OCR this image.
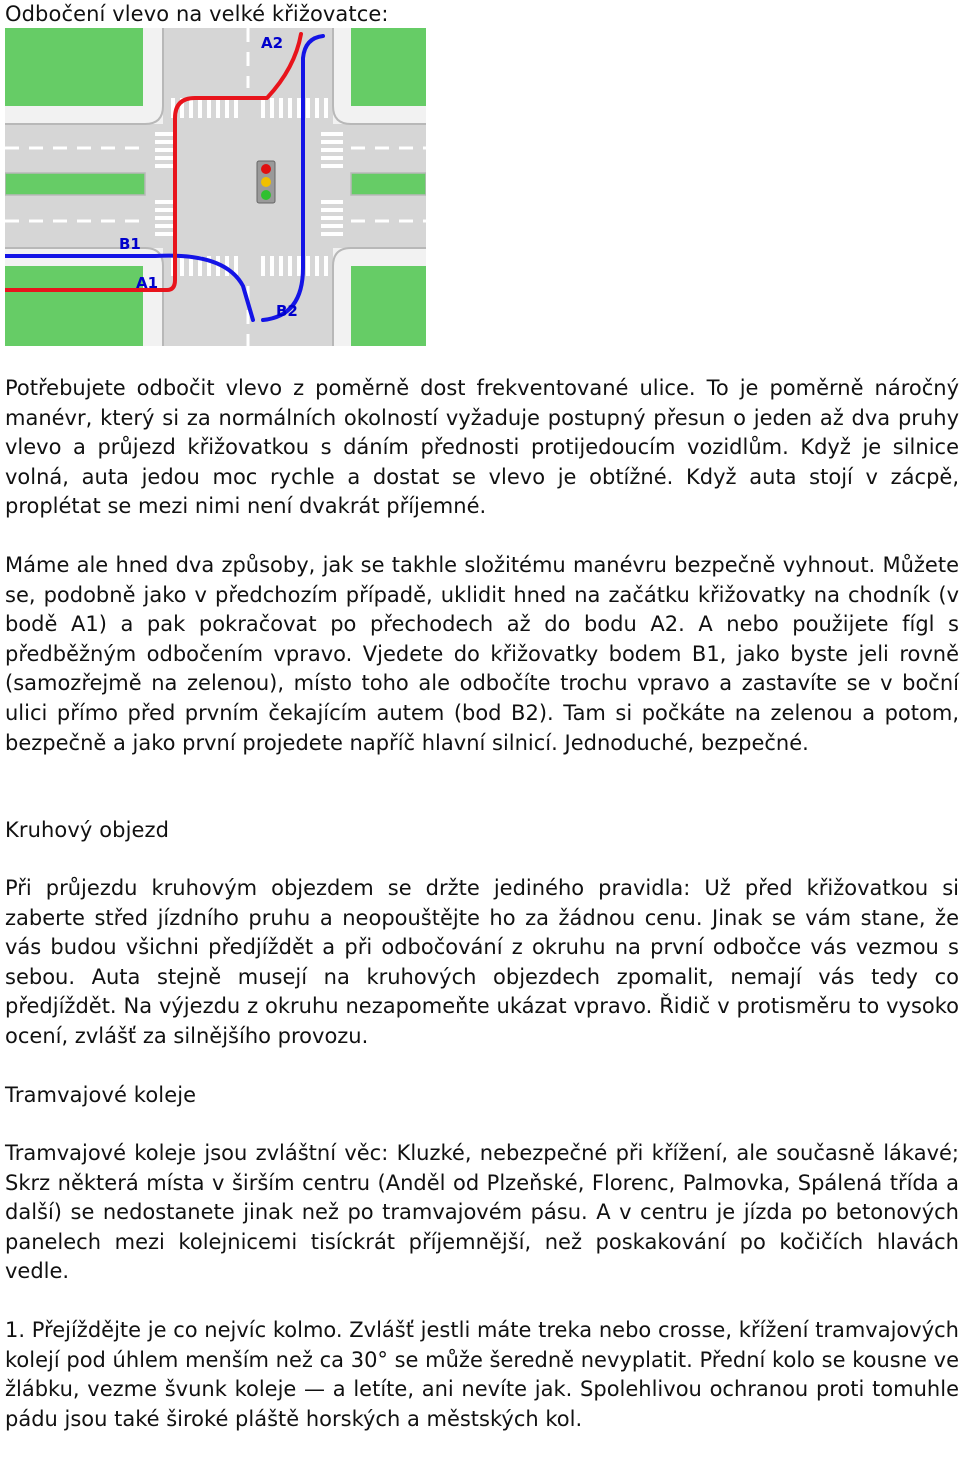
Odbočení vlevo na velké křižovatce:
A2
B1
A1
B2
Potřebujete odbočit vlevo z poměrně dost frekventované ulice. To je poměrně náročný manévr, který si za normálních okolností vyžaduje postupný přesun o jeden až dva pruhy vlevo a průjezd křižovatkou s dáním přednosti protijedoucím vozidlům. Když je silnice volná, auta jedou moc rychle a dostat se vlevo je obtížné. Když auta stojí v zácpě, proplétat se mezi nimi není dvakrát příjemné.
Máme ale hned dva způsoby, jak se takhle složitému manévru bezpečně vyhnout. Můžete se, podobně jako v předchozím případě, uklidit hned na začátku křižovatky na chodník (v bodě A1) a pak pokračovat po přechodech až do bodu A2. A nebo použijete fígl s předběžným odbočením vpravo. Vjedete do křižovatky bodem B1, jako byste jeli rovně (samozřejmě na zelenou), místo toho ale odbočíte trochu vpravo a zastavíte se v boční ulici přímo před prvním čekajícím autem (bod B2). Tam si počkáte na zelenou a potom, bezpečně a jako první projedete napříč hlavní silnicí. Jednoduché, bezpečné.
Kruhový objezd
Při průjezdu kruhovým objezdem se držte jediného pravidla: Už před křižovatkou si zaberte střed jízdního pruhu a neopouštějte ho za žádnou cenu. Jinak se vám stane, že vás budou všichni předjíždět a při odbočování z okruhu na první odbočce vás vezmou s sebou. Auta stejně musejí na kruhových objezdech zpomalit, nemají vás tedy co předjíždět. Na výjezdu z okruhu nezapomeňte ukázat vpravo. Řidič v protisměru to vysoko ocení, zvlášť za silnějšího provozu.
Tramvajové koleje
Tramvajové koleje jsou zvláštní věc: Kluzké, nebezpečné při křížení, ale současně lákavé; Skrz některá místa v širším centru (Anděl od Plzeňské, Florenc, Palmovka, Spálená třída a další) se nedostanete jinak než po tramvajovém pásu. A v centru je jízda po betonových panelech mezi kolejnicemi tisíckrát příjemnější, než poskakování po kočičích hlavách vedle.
1. Přejíždějte je co nejvíc kolmo. Zvlášť jestli máte treka nebo crosse, křížení tramvajových kolejí pod úhlem menším než ca 30° se může šeredně nevyplatit. Přední kolo se kousne ve žlábku, vezme švunk koleje — a letíte, ani nevíte jak. Spolehlivou ochranou proti tomuhle pádu jsou také široké pláště horských a městských kol.
